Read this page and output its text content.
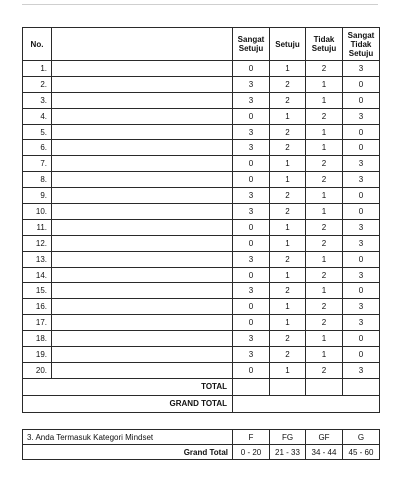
No.		Sangat Setuju	Setuju	Tidak Setuju	Sangat Tidak Setuju
1.		0	1	2	3
2.		3	2	1	0
3.		3	2	1	0
4.		0	1	2	3
5.		3	2	1	0
6.		3	2	1	0
7.		0	1	2	3
8.		0	1	2	3
9.		3	2	1	0
10.		3	2	1	0
11.		0	1	2	3
12.		0	1	2	3
13.		3	2	1	0
14.		0	1	2	3
15.		3	2	1	0
16.		0	1	2	3
17.		0	1	2	3
18.		3	2	1	0
19.		3	2	1	0
20.		0	1	2	3
TOTAL					
GRAND TOTAL					
3. Anda Termasuk Kategori Mindset	F	FG	GF	G
Grand Total	0 - 20	21 - 33	34 - 44	45 - 60
